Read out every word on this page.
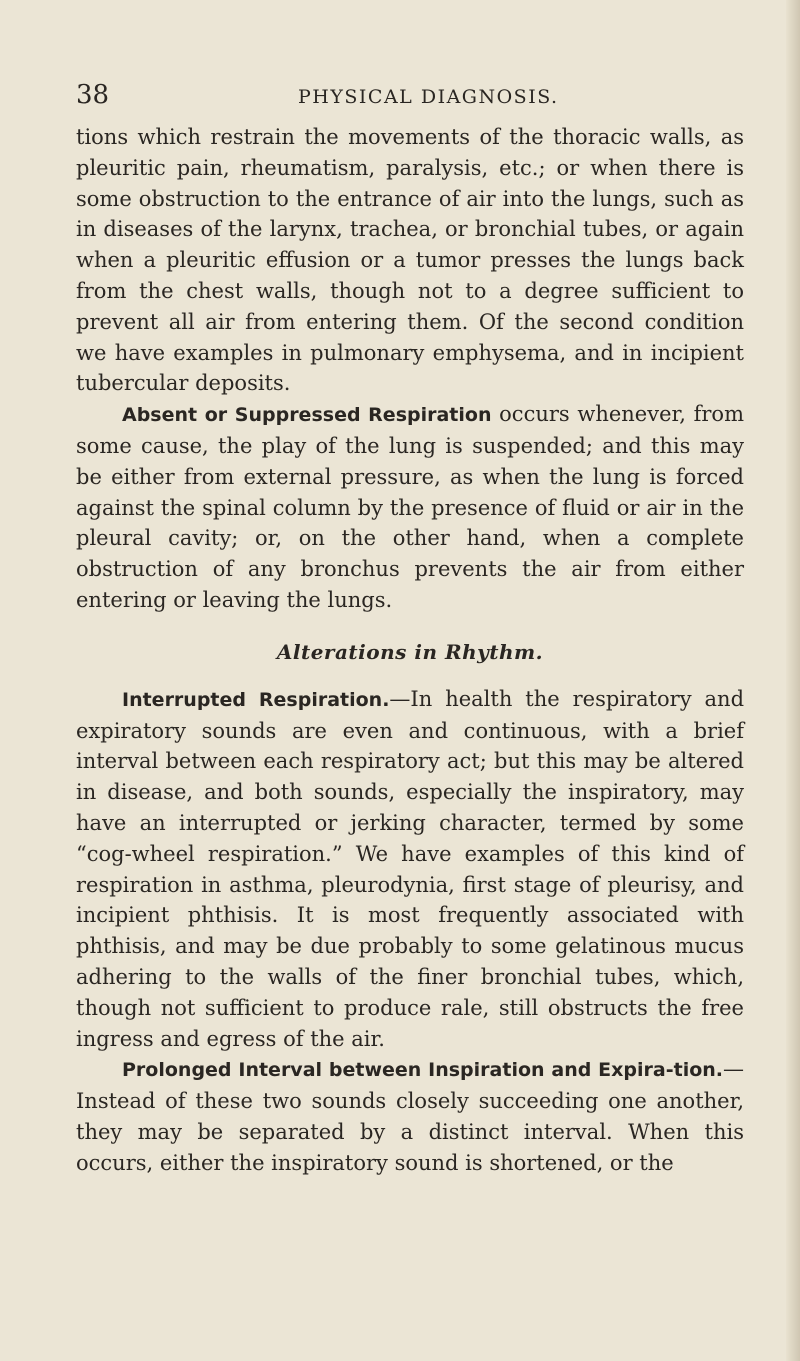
38	PHYSICAL DIAGNOSIS.

tions which restrain the movements of the thoracic walls, as pleuritic pain, rheumatism, paralysis, etc.; or when there is some obstruction to the entrance of air into the lungs, such as in diseases of the larynx, trachea, or bronchial tubes, or again when a pleuritic effusion or a tumor presses the lungs back from the chest walls, though not to a degree sufficient to prevent all air from entering them. Of the second condition we have examples in pulmonary emphysema, and in incipient tubercular deposits.

Absent or Suppressed Respiration occurs whenever, from some cause, the play of the lung is suspended; and this may be either from external pressure, as when the lung is forced against the spinal column by the presence of fluid or air in the pleural cavity; or, on the other hand, when a complete obstruction of any bronchus prevents the air from either entering or leaving the lungs.

Alterations in Rhythm.

Interrupted Respiration.—In health the respiratory and expiratory sounds are even and continuous, with a brief interval between each respiratory act; but this may be altered in disease, and both sounds, especially the inspiratory, may have an interrupted or jerking character, termed by some “cog-wheel respiration.” We have examples of this kind of respiration in asthma, pleurodynia, first stage of pleurisy, and incipient phthisis. It is most frequently associated with phthisis, and may be due probably to some gelatinous mucus adhering to the walls of the finer bronchial tubes, which, though not sufficient to produce rale, still obstructs the free ingress and egress of the air.

Prolonged Interval between Inspiration and Expira-tion.—Instead of these two sounds closely succeeding one another, they may be separated by a distinct interval. When this occurs, either the inspiratory sound is shortened, or the
